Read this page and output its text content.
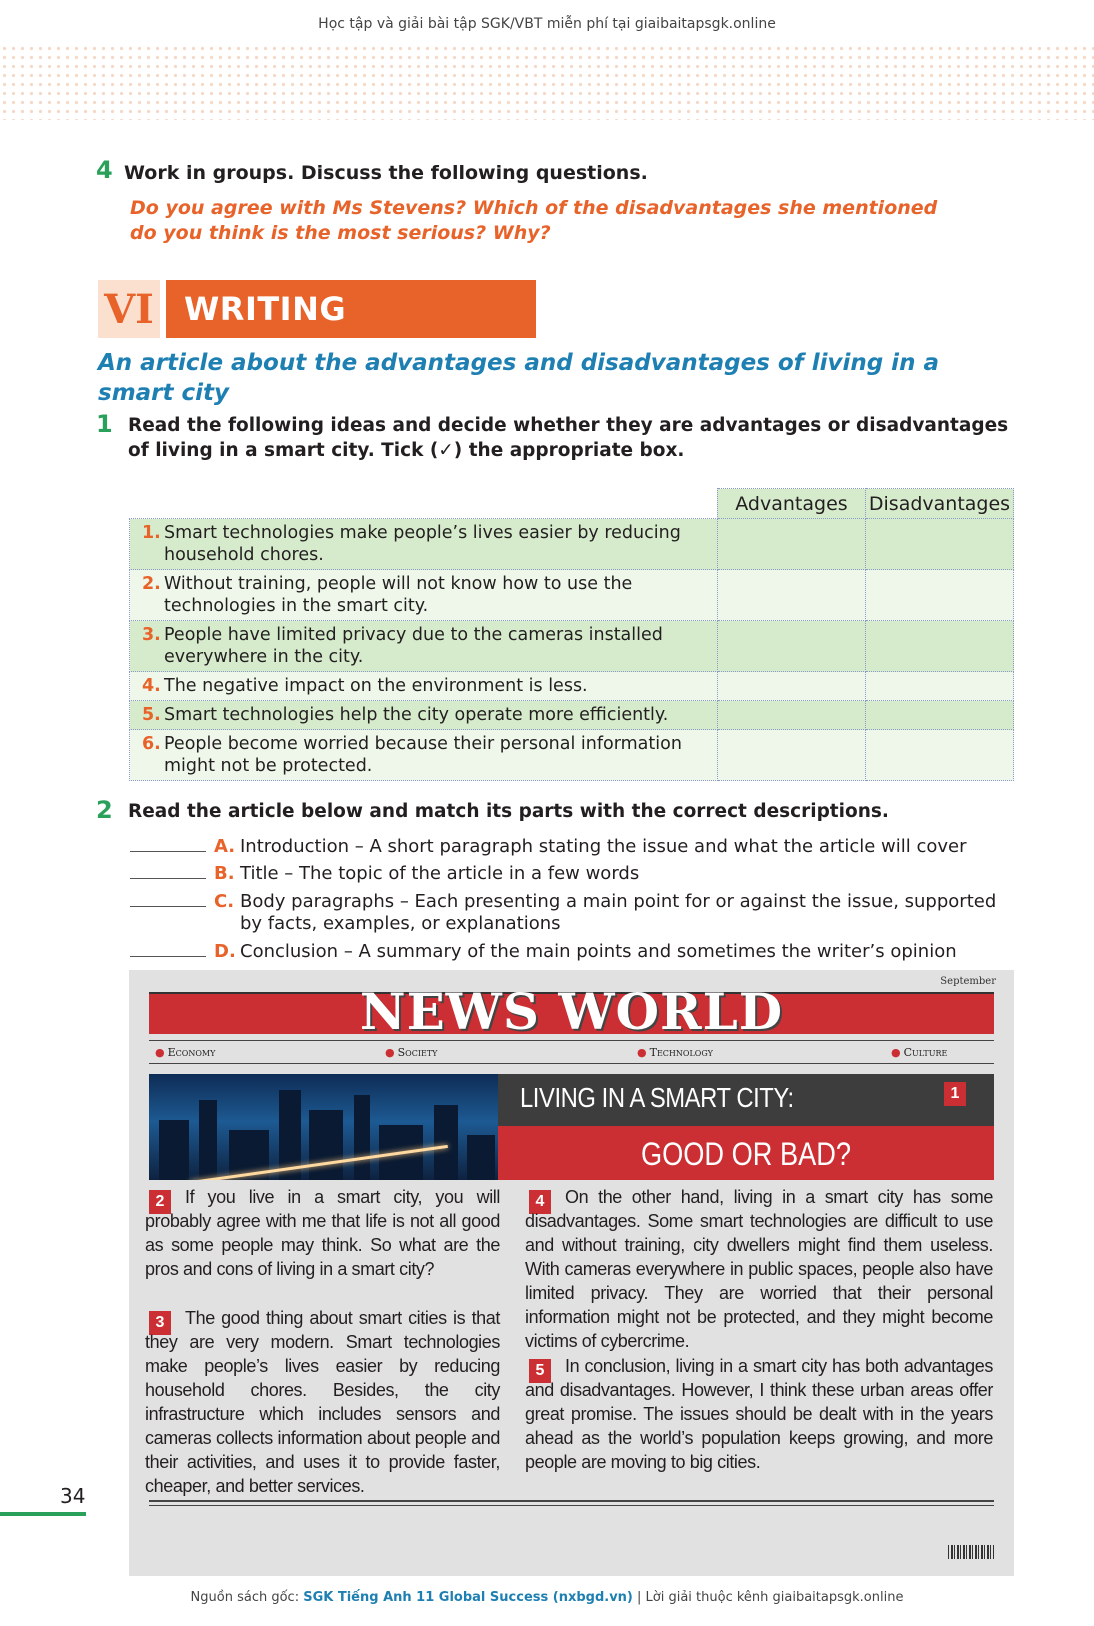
Học tập và giải bài tập SGK/VBT miễn phí tại giaibaitapsgk.online
4 Work in groups. Discuss the following questions.
Do you agree with Ms Stevens? Which of the disadvantages she mentioned
do you think is the most serious? Why?
VI WRITING
An article about the advantages and disadvantages of living in a smart city
1 Read the following ideas and decide whether they are advantages or disadvantages
of living in a smart city. Tick (✓) the appropriate box.
	Advantages	Disadvantages

1. Smart technologies make people’s lives easier by reducing household chores.		

2. Without training, people will not know how to use the technologies in the smart city.		

3. People have limited privacy due to the cameras installed everywhere in the city.		

4. The negative impact on the environment is less.		

5. Smart technologies help the city operate more efficiently.		

6. People become worried because their personal information might not be protected.		

2 Read the article below and match its parts with the correct descriptions.
A. Introduction – A short paragraph stating the issue and what the article will cover
B. Title – The topic of the article in a few words
C. Body paragraphs – Each presenting a main point for or against the issue, supported by facts, examples, or explanations
D. Conclusion – A summary of the main points and sometimes the writer’s opinion
September
NEWS WORLD
● Economy	● Society	● Technology	● Culture
LIVING IN A SMART CITY:	1
GOOD OR BAD?
2	If you live in a smart city, you will probably agree with me that life is not all good as some people may think. So what are the pros and cons of living in a smart city?
3	The good thing about smart cities is that they are very modern. Smart technologies make people’s lives easier by reducing household chores. Besides, the city infrastructure which includes sensors and cameras collects information about people and their activities, and uses it to provide faster, cheaper, and better services.
4	On the other hand, living in a smart city has some disadvantages. Some smart technologies are difficult to use and without training, city dwellers might find them useless. With cameras everywhere in public spaces, people also have limited privacy. They are worried that their personal information might not be protected, and they might become victims of cybercrime.
5	In conclusion, living in a smart city has both advantages and disadvantages. However, I think these urban areas offer great promise. The issues should be dealt with in the years ahead as the world’s population keeps growing, and more people are moving to big cities.
34
Nguồn sách gốc: SGK Tiếng Anh 11 Global Success (nxbgd.vn) | Lời giải thuộc kênh giaibaitapsgk.online
